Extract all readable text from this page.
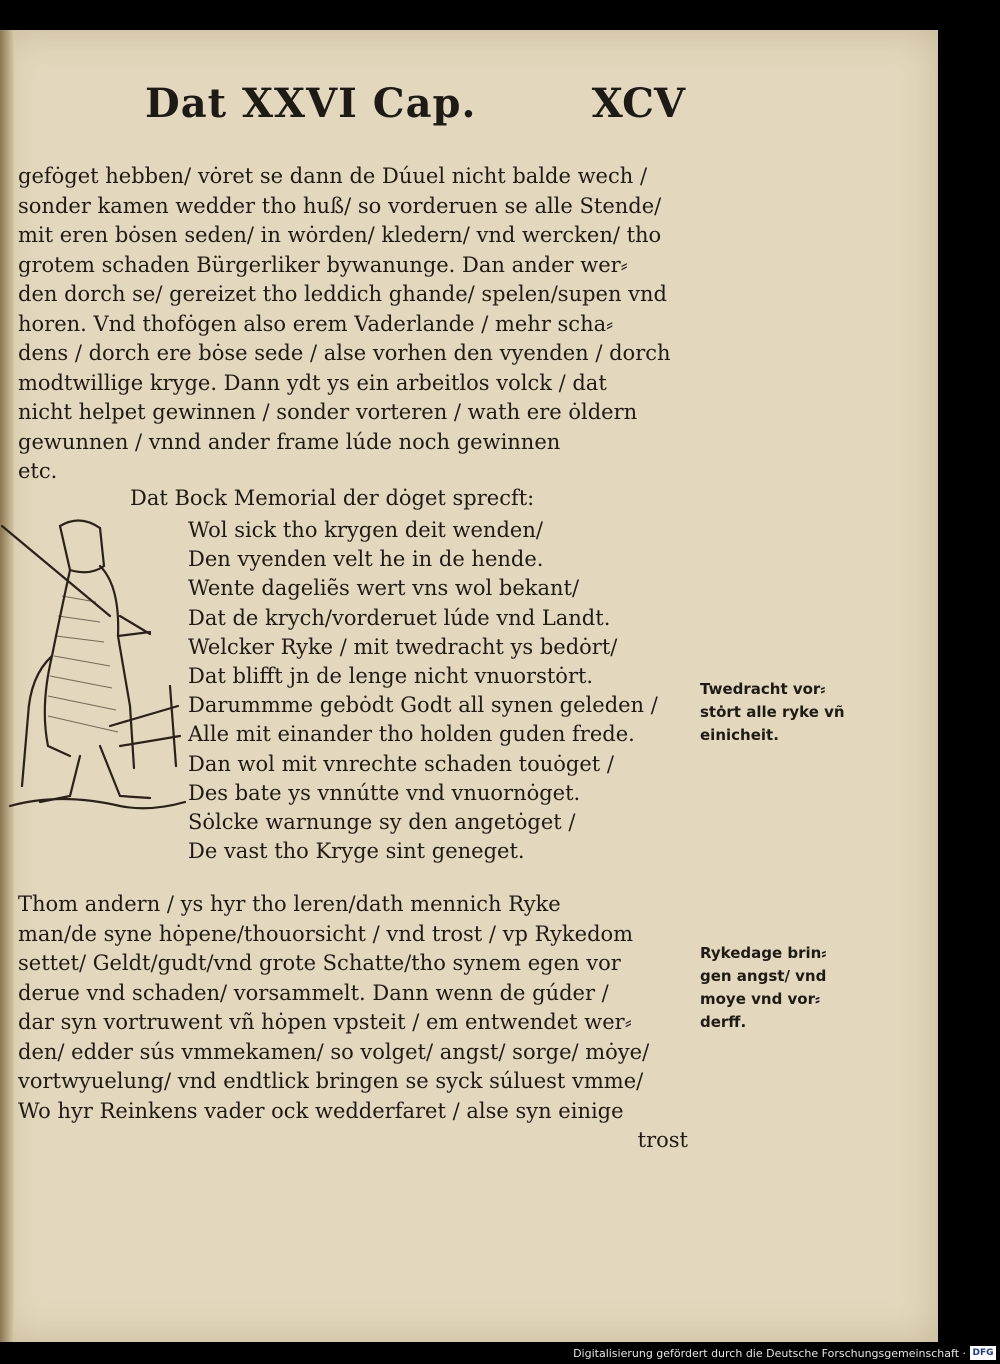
Dat XXVI Cap.	XCV
gefȯget hebben/ vȯret se dann de Dúuel nicht balde wech /
sonder kamen wedder tho huß/ so vorderuen se alle Stende/
mit eren bȯsen seden/ in wȯrden/ kledern/ vnd wercken/ tho
grotem schaden Bürgerliker bywanunge. Dan ander wer⸗
den dorch se/ gereizet tho leddich ghande/ spelen/supen vnd
horen. Vnd thofȯgen also erem Vaderlande / mehr scha⸗
dens / dorch ere bȯse sede / alse vorhen den vyenden / dorch
modtwillige kryge. Dann ydt ys ein arbeitlos volck / dat
nicht helpet gewinnen / sonder vorteren / wath ere ȯldern
gewunnen / vnnd ander frame lúde noch gewinnen
etc.
Dat Bock Memorial der dȯget sprecft:
Wol sick tho krygen deit wenden/
Den vyenden velt he in de hende.
Wente dageliẽs wert vns wol bekant/
Dat de krych/vorderuet lúde vnd Landt.
Welcker Ryke / mit twedracht ys bedȯrt/
Dat blifft jn de lenge nicht vnuorstȯrt.
Darummme gebȯdt Godt all synen geleden /
Alle mit einander tho holden guden frede.
Dan wol mit vnrechte schaden touȯget /
Des bate ys vnnútte vnd vnuornȯget.
Sȯlcke warnunge sy den angetȯget /
De vast tho Kryge sint geneget.
Twedracht vor⸗
stȯrt alle ryke vñ
einicheit.
Thom andern / ys hyr tho leren/dath mennich Ryke
man/de syne hȯpene/thouorsicht / vnd trost / vp Rykedom
settet/ Geldt/gudt/vnd grote Schatte/tho synem egen vor
derue vnd schaden/ vorsammelt. Dann wenn de gúder /
dar syn vortruwent vñ hȯpen vpsteit / em entwendet wer⸗
den/ edder sús vmmekamen/ so volget/ angst/ sorge/ mȯye/
vortwyuelung/ vnd endtlick bringen se syck súluest vmme/
Wo hyr Reinkens vader ock wedderfaret / alse syn einige
trost
Rykedage brin⸗
gen angst/ vnd
moye vnd vor⸗
derff.
Digitalisierung gefördert durch die Deutsche Forschungsgemeinschaft · DFG
